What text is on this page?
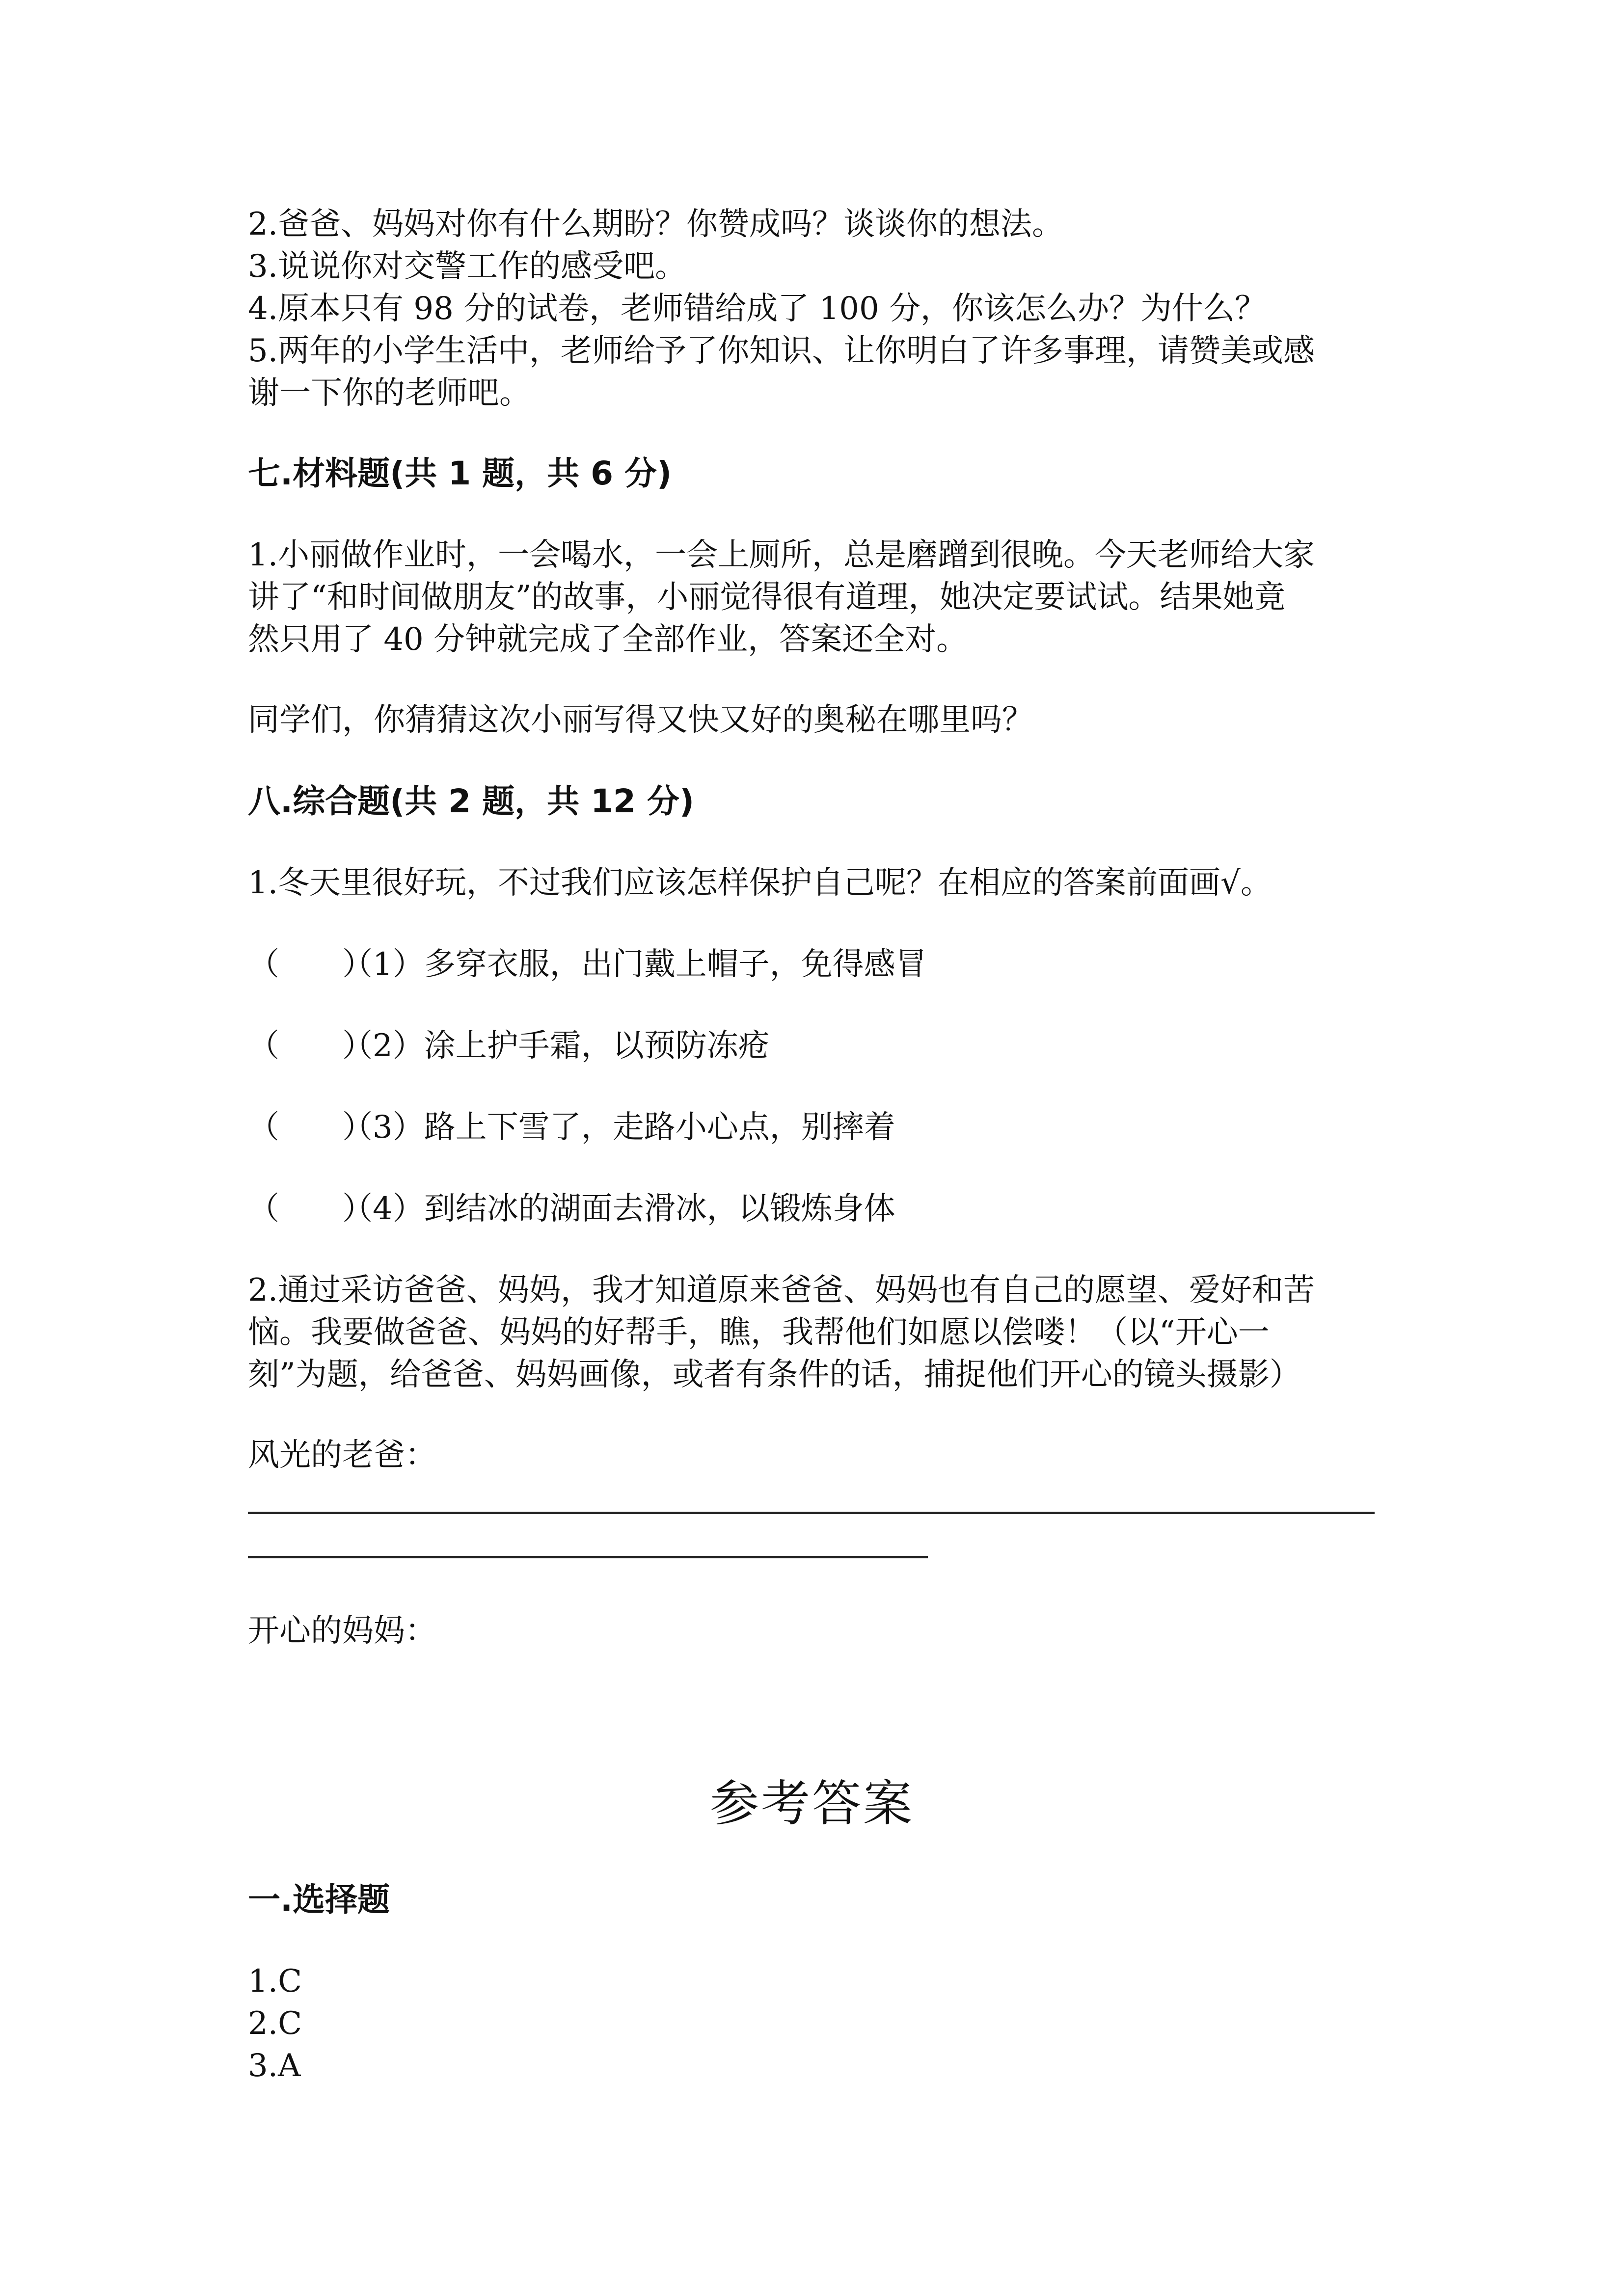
2.爸爸、妈妈对你有什么期盼？你赞成吗？谈谈你的想法。
3.说说你对交警工作的感受吧。
4.原本只有 98 分的试卷，老师错给成了 100 分，你该怎么办？为什么？
5.两年的小学生活中，老师给予了你知识、让你明白了许多事理，请赞美或感
谢一下你的老师吧。
七.材料题(共 1 题，共 6 分)
1.小丽做作业时，一会喝水，一会上厕所，总是磨蹭到很晚。今天老师给大家
讲了“和时间做朋友”的故事，小丽觉得很有道理，她决定要试试。结果她竟
然只用了 40 分钟就完成了全部作业，答案还全对。
同学们，你猜猜这次小丽写得又快又好的奥秘在哪里吗？
八.综合题(共 2 题，共 12 分)
1.冬天里很好玩，不过我们应该怎样保护自己呢？在相应的答案前面画√。
（　　）（1）多穿衣服，出门戴上帽子，免得感冒
（　　）（2）涂上护手霜，以预防冻疮
（　　）（3）路上下雪了，走路小心点，别摔着
（　　）（4）到结冰的湖面去滑冰，以锻炼身体
2.通过采访爸爸、妈妈，我才知道原来爸爸、妈妈也有自己的愿望、爱好和苦
恼。我要做爸爸、妈妈的好帮手，瞧，我帮他们如愿以偿喽！（以“开心一
刻”为题，给爸爸、妈妈画像，或者有条件的话，捕捉他们开心的镜头摄影）
风光的老爸：
开心的妈妈：
参考答案
一.选择题
1.C
2.C
3.A
